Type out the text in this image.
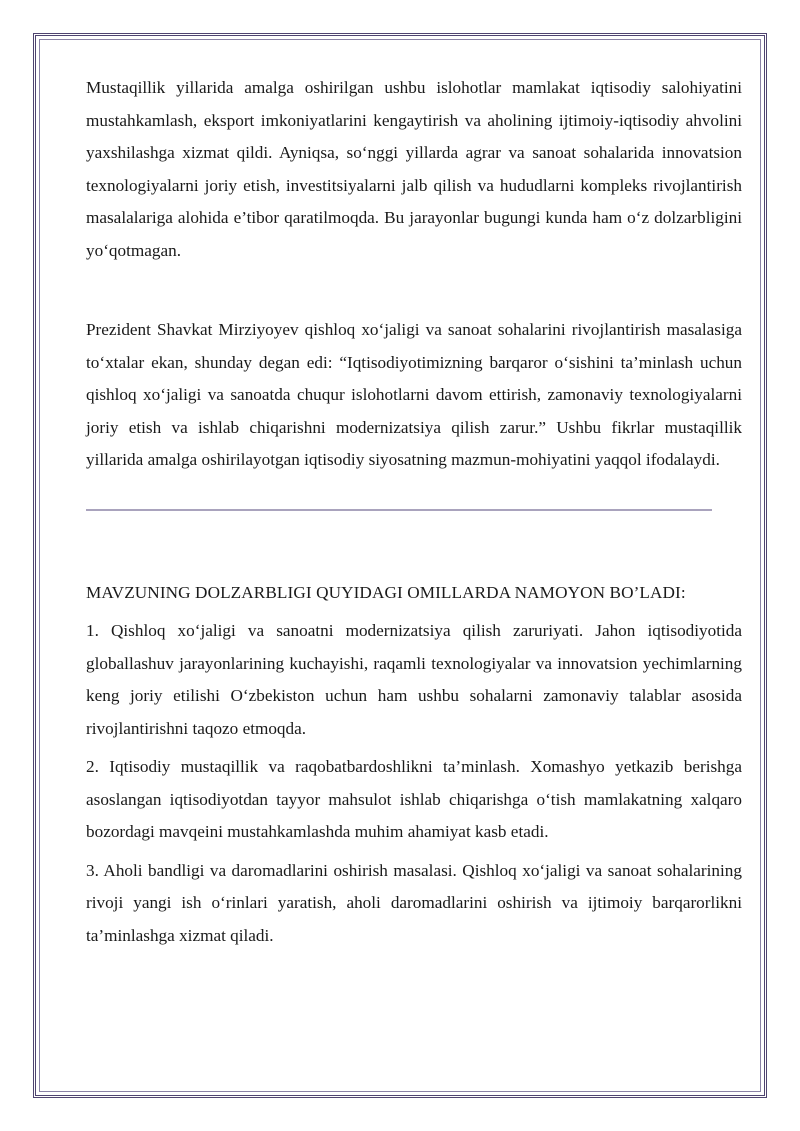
Mustaqillik yillarida amalga oshirilgan ushbu islohotlar mamlakat iqtisodiy salohiyatini mustahkamlash, eksport imkoniyatlarini kengaytirish va aholining ijtimoiy-iqtisodiy ahvolini yaxshilashga xizmat qildi. Ayniqsa, so‘nggi yillarda agrar va sanoat sohalarida innovatsion texnologiyalarni joriy etish, investitsiyalarni jalb qilish va hududlarni kompleks rivojlantirish masalalariga alohida e’tibor qaratilmoqda. Bu jarayonlar bugungi kunda ham o‘z dolzarbligini yo‘qotmagan.

Prezident Shavkat Mirziyoyev qishloq xo‘jaligi va sanoat sohalarini rivojlantirish masalasiga to‘xtalar ekan, shunday degan edi: “Iqtisodiyotimizning barqaror o‘sishini ta’minlash uchun qishloq xo‘jaligi va sanoatda chuqur islohotlarni davom ettirish, zamonaviy texnologiyalarni joriy etish va ishlab chiqarishni modernizatsiya qilish zarur.” Ushbu fikrlar mustaqillik yillarida amalga oshirilayotgan iqtisodiy siyosatning mazmun-mohiyatini yaqqol ifodalaydi.

MAVZUNING DOLZARBLIGI QUYIDAGI OMILLARDA NAMOYON BO’LADI:

1. Qishloq xo‘jaligi va sanoatni modernizatsiya qilish zaruriyati. Jahon iqtisodiyotida globallashuv jarayonlarining kuchayishi, raqamli texnologiyalar va innovatsion yechimlarning keng joriy etilishi O‘zbekiston uchun ham ushbu sohalarni zamonaviy talablar asosida rivojlantirishni taqozo etmoqda.

2. Iqtisodiy mustaqillik va raqobatbardoshlikni ta’minlash. Xomashyo yetkazib berishga asoslangan iqtisodiyotdan tayyor mahsulot ishlab chiqarishga o‘tish mamlakatning xalqaro bozordagi mavqeini mustahkamlashda muhim ahamiyat kasb etadi.

3. Aholi bandligi va daromadlarini oshirish masalasi. Qishloq xo‘jaligi va sanoat sohalarining rivoji yangi ish o‘rinlari yaratish, aholi daromadlarini oshirish va ijtimoiy barqarorlikni ta’minlashga xizmat qiladi.
